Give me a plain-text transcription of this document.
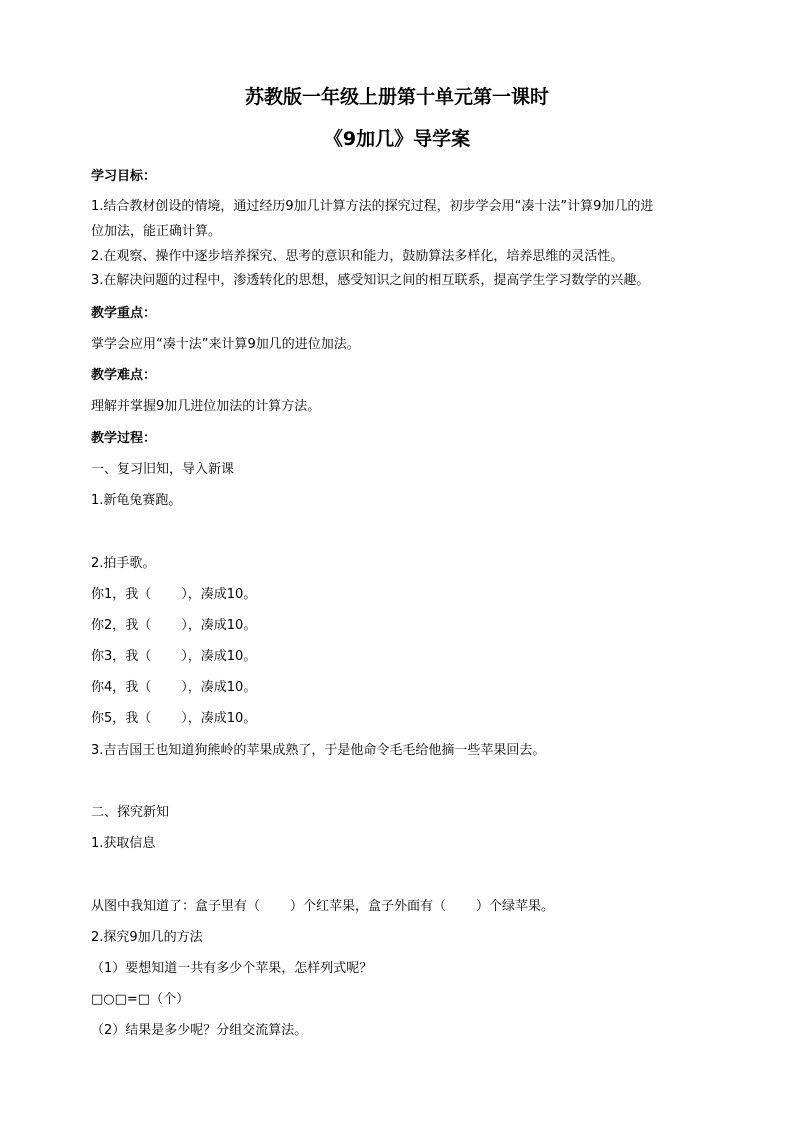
苏教版一年级上册第十单元第一课时
《9加几》导学案
学习目标：
1.结合教材创设的情境，通过经历9加几计算方法的探究过程，初步学会用“凑十法”计算9加几的进
位加法，能正确计算。
2.在观察、操作中逐步培养探究、思考的意识和能力，鼓励算法多样化，培养思维的灵活性。
3.在解决问题的过程中，渗透转化的思想，感受知识之间的相互联系，提高学生学习数学的兴趣。
教学重点：
掌学会应用“凑十法”来计算9加几的进位加法。
教学难点：
理解并掌握9加几进位加法的计算方法。
教学过程：
一、复习旧知，导入新课
1.新龟兔赛跑。
2.拍手歌。
你1，我（ ），凑成10。
你2，我（ ），凑成10。
你3，我（ ），凑成10。
你4，我（ ），凑成10。
你5，我（ ），凑成10。
3.吉吉国王也知道狗熊岭的苹果成熟了，于是他命令毛毛给他摘一些苹果回去。
二、探究新知
1.获取信息
从图中我知道了：盒子里有（ ）个红苹果，盒子外面有（ ）个绿苹果。
2.探究9加几的方法
（1）要想知道一共有多少个苹果，怎样列式呢？
□○□=□（个）
（2）结果是多少呢？分组交流算法。
